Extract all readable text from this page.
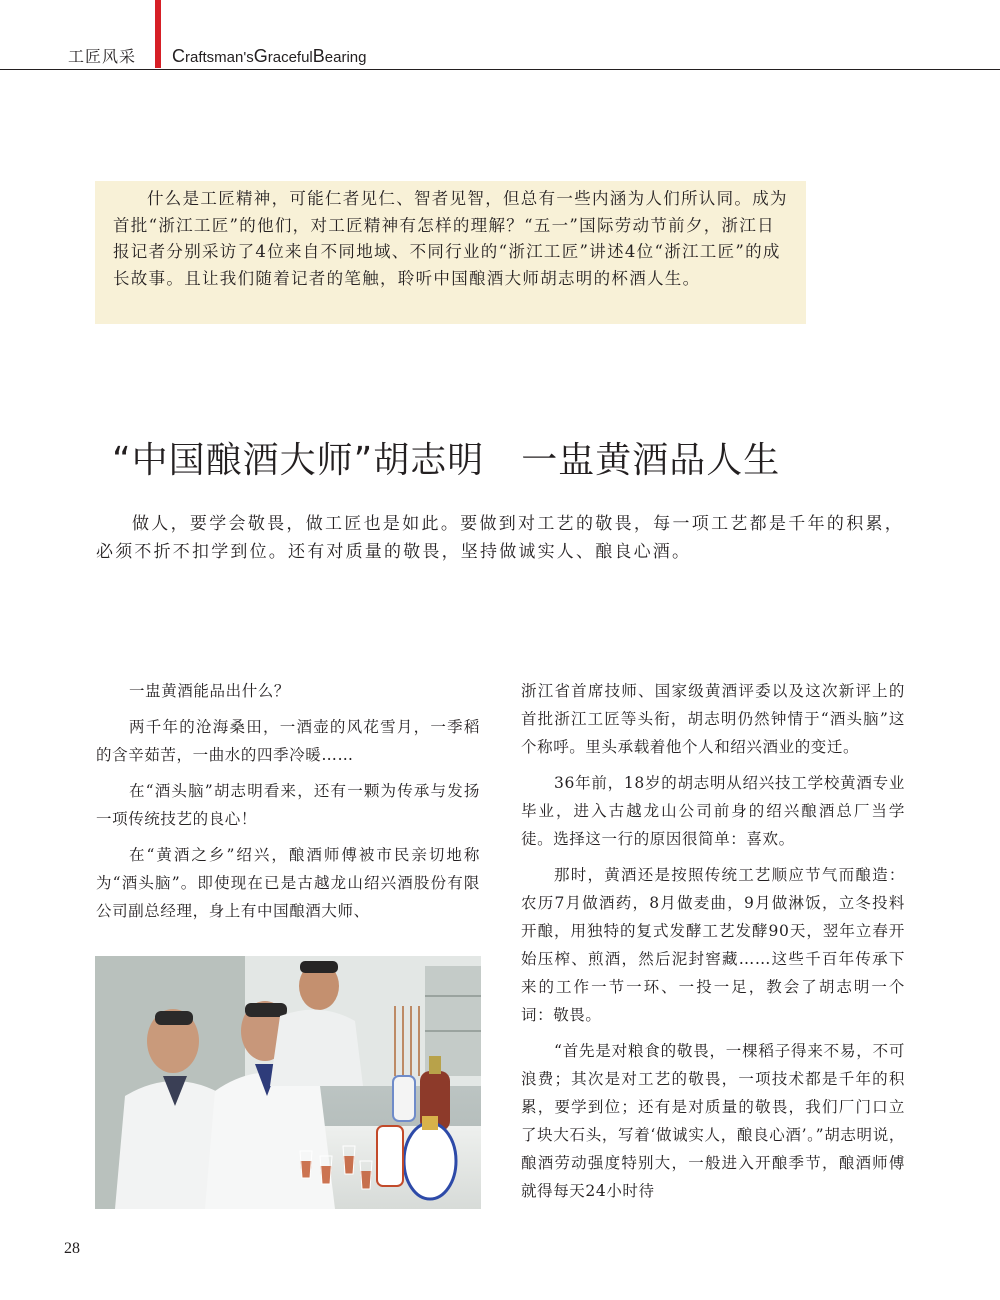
工匠风采 Craftsman'sGracefulBearing
什么是工匠精神，可能仁者见仁、智者见智，但总有一些内涵为人们所认同。成为首批“浙江工匠”的他们，对工匠精神有怎样的理解？“五一”国际劳动节前夕，浙江日报记者分别采访了4位来自不同地域、不同行业的“浙江工匠”讲述4位“浙江工匠”的成长故事。且让我们随着记者的笔触，聆听中国酿酒大师胡志明的杯酒人生。
“中国酿酒大师”胡志明　一盅黄酒品人生
做人，要学会敬畏，做工匠也是如此。要做到对工艺的敬畏，每一项工艺都是千年的积累，必须不折不扣学到位。还有对质量的敬畏，坚持做诚实人、酿良心酒。

一盅黄酒能品出什么？

两千年的沧海桑田，一酒壶的风花雪月，一季稻的含辛茹苦，一曲水的四季冷暖……

在“酒头脑”胡志明看来，还有一颗为传承与发扬一项传统技艺的良心！

在“黄酒之乡”绍兴，酿酒师傅被市民亲切地称为“酒头脑”。即使现在已是古越龙山绍兴酒股份有限公司副总经理，身上有中国酿酒大师、

浙江省首席技师、国家级黄酒评委以及这次新评上的首批浙江工匠等头衔，胡志明仍然钟情于“酒头脑”这个称呼。里头承载着他个人和绍兴酒业的变迁。

36年前，18岁的胡志明从绍兴技工学校黄酒专业毕业，进入古越龙山公司前身的绍兴酿酒总厂当学徒。选择这一行的原因很简单：喜欢。

那时，黄酒还是按照传统工艺顺应节气而酿造：农历7月做酒药，8月做麦曲，9月做淋饭，立冬投料开酿，用独特的复式发酵工艺发酵90天，翌年立春开始压榨、煎酒，然后泥封窖藏……这些千百年传承下来的工作一节一环、一投一足，教会了胡志明一个词：敬畏。

“首先是对粮食的敬畏，一棵稻子得来不易，不可浪费；其次是对工艺的敬畏，一项技术都是千年的积累，要学到位；还有是对质量的敬畏，我们厂门口立了块大石头，写着‘做诚实人，酿良心酒’。”胡志明说，酿酒劳动强度特别大，一般进入开酿季节，酿酒师傅就得每天24小时待

28
